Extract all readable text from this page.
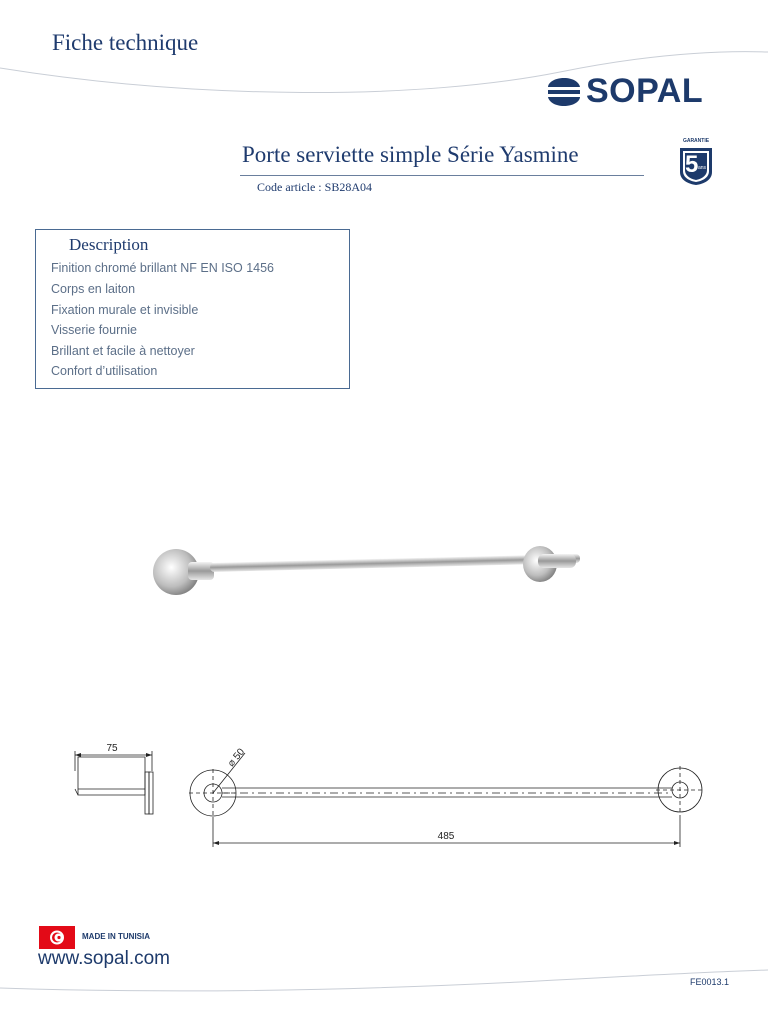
Fiche technique
SOPAL
Porte serviette simple Série Yasmine
Code article : SB28A04
GARANTIE
5 ans
Description
Finition chromé brillant NF EN ISO 1456
Corps en laiton
Fixation murale et invisible
Visserie fournie
Brillant et facile à nettoyer
Confort d’utilisation
75	⌀ 50
485
MADE IN TUNISIA
www.sopal.com
FE0013.1
